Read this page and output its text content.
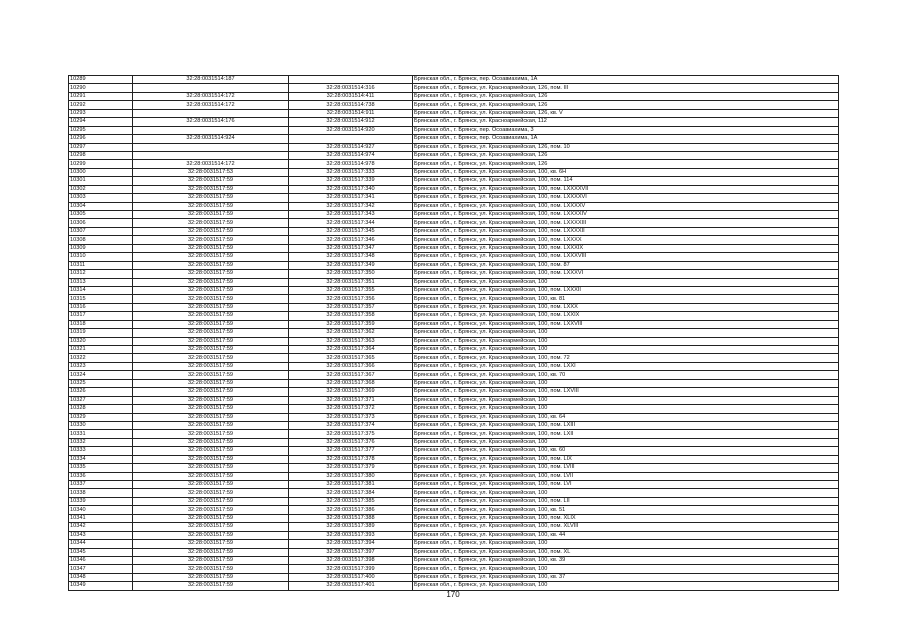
10289	32:28:0031514:187		Брянская обл., г. Брянск, пер. Осоавиахима, 1А
10290		32:28:0031514:316	Брянская обл., г. Брянск, ул. Красноармейская, 126, пом. III
10291	32:28:0031514:172	32:28:0031514:411	Брянская обл., г. Брянск, ул. Красноармейская, 126
10292	32:28:0031514:172	32:28:0031514:738	Брянская обл., г. Брянск, ул. Красноармейская, 126
10293		32:28:0031514:911	Брянская обл., г. Брянск, ул. Красноармейская, 126, кв. V
10294	32:28:0031514:176	32:28:0031514:912	Брянская обл., г. Брянск, ул. Красноармейская, 112
10295		32:28:0031514:920	Брянская обл., г. Брянск, пер. Осоавиахима, 3
10296	32:28:0031514:924		Брянская обл., г. Брянск, пер. Осоавиахима, 1А
10297		32:28:0031514:927	Брянская обл., г. Брянск, ул. Красноармейская, 126, пом. 10
10298		32:28:0031514:974	Брянская обл., г. Брянск, ул. Красноармейская, 126
10299	32:28:0031514:172	32:28:0031514:978	Брянская обл., г. Брянск, ул. Красноармейская, 126
10300	32:28:0031517:53	32:28:0031517:333	Брянская обл., г. Брянск, ул. Красноармейская, 100, кв. 6Н
10301	32:28:0031517:59	32:28:0031517:339	Брянская обл., г. Брянск, ул. Красноармейская, 100, пом. 114
10302	32:28:0031517:59	32:28:0031517:340	Брянская обл., г. Брянск, ул. Красноармейская, 100, пом. LXXXXVII
10303	32:28:0031517:59	32:28:0031517:341	Брянская обл., г. Брянск, ул. Красноармейская, 100, пом. LXXXXVI
10304	32:28:0031517:59	32:28:0031517:342	Брянская обл., г. Брянск, ул. Красноармейская, 100, пом. LXXXXV
10305	32:28:0031517:59	32:28:0031517:343	Брянская обл., г. Брянск, ул. Красноармейская, 100, пом. LXXXXIV
10306	32:28:0031517:59	32:28:0031517:344	Брянская обл., г. Брянск, ул. Красноармейская, 100, пом. LXXXXIII
10307	32:28:0031517:59	32:28:0031517:345	Брянская обл., г. Брянск, ул. Красноармейская, 100, пом. LXXXXII
10308	32:28:0031517:59	32:28:0031517:346	Брянская обл., г. Брянск, ул. Красноармейская, 100, пом. LXXXX
10309	32:28:0031517:59	32:28:0031517:347	Брянская обл., г. Брянск, ул. Красноармейская, 100, пом. LXXXIX
10310	32:28:0031517:59	32:28:0031517:348	Брянская обл., г. Брянск, ул. Красноармейская, 100, пом. LXXXVIII
10311	32:28:0031517:59	32:28:0031517:349	Брянская обл., г. Брянск, ул. Красноармейская, 100, пом. 87
10312	32:28:0031517:59	32:28:0031517:350	Брянская обл., г. Брянск, ул. Красноармейская, 100, пом. LXXXVI
10313	32:28:0031517:59	32:28:0031517:351	Брянская обл., г. Брянск, ул. Красноармейская, 100
10314	32:28:0031517:59	32:28:0031517:355	Брянская обл., г. Брянск, ул. Красноармейская, 100, пом. LXXXII
10315	32:28:0031517:59	32:28:0031517:356	Брянская обл., г. Брянск, ул. Красноармейская, 100, кв. 81
10316	32:28:0031517:59	32:28:0031517:357	Брянская обл., г. Брянск, ул. Красноармейская, 100, пом. LXXX
10317	32:28:0031517:59	32:28:0031517:358	Брянская обл., г. Брянск, ул. Красноармейская, 100, пом. LXXIX
10318	32:28:0031517:59	32:28:0031517:359	Брянская обл., г. Брянск, ул. Красноармейская, 100, пом. LXXVIII
10319	32:28:0031517:59	32:28:0031517:362	Брянская обл., г. Брянск, ул. Красноармейская, 100
10320	32:28:0031517:59	32:28:0031517:363	Брянская обл., г. Брянск, ул. Красноармейская, 100
10321	32:28:0031517:59	32:28:0031517:364	Брянская обл., г. Брянск, ул. Красноармейская, 100
10322	32:28:0031517:59	32:28:0031517:365	Брянская обл., г. Брянск, ул. Красноармейская, 100, пом. 72
10323	32:28:0031517:59	32:28:0031517:366	Брянская обл., г. Брянск, ул. Красноармейская, 100, пом. LXXI
10324	32:28:0031517:59	32:28:0031517:367	Брянская обл., г. Брянск, ул. Красноармейская, 100, кв. 70
10325	32:28:0031517:59	32:28:0031517:368	Брянская обл., г. Брянск, ул. Красноармейская, 100
10326	32:28:0031517:59	32:28:0031517:369	Брянская обл., г. Брянск, ул. Красноармейская, 100, пом. LXVIII
10327	32:28:0031517:59	32:28:0031517:371	Брянская обл., г. Брянск, ул. Красноармейская, 100
10328	32:28:0031517:59	32:28:0031517:372	Брянская обл., г. Брянск, ул. Красноармейская, 100
10329	32:28:0031517:59	32:28:0031517:373	Брянская обл., г. Брянск, ул. Красноармейская, 100, кв. 64
10330	32:28:0031517:59	32:28:0031517:374	Брянская обл., г. Брянск, ул. Красноармейская, 100, пом. LXIII
10331	32:28:0031517:59	32:28:0031517:375	Брянская обл., г. Брянск, ул. Красноармейская, 100, пом. LXII
10332	32:28:0031517:59	32:28:0031517:376	Брянская обл., г. Брянск, ул. Красноармейская, 100
10333	32:28:0031517:59	32:28:0031517:377	Брянская обл., г. Брянск, ул. Красноармейская, 100, кв. 60
10334	32:28:0031517:59	32:28:0031517:378	Брянская обл., г. Брянск, ул. Красноармейская, 100, пом. LIX
10335	32:28:0031517:59	32:28:0031517:379	Брянская обл., г. Брянск, ул. Красноармейская, 100, пом. LVIII
10336	32:28:0031517:59	32:28:0031517:380	Брянская обл., г. Брянск, ул. Красноармейская, 100, пом. LVII
10337	32:28:0031517:59	32:28:0031517:381	Брянская обл., г. Брянск, ул. Красноармейская, 100, пом. LVI
10338	32:28:0031517:59	32:28:0031517:384	Брянская обл., г. Брянск, ул. Красноармейская, 100
10339	32:28:0031517:59	32:28:0031517:385	Брянская обл., г. Брянск, ул. Красноармейская, 100, пом. LII
10340	32:28:0031517:59	32:28:0031517:386	Брянская обл., г. Брянск, ул. Красноармейская, 100, кв. 51
10341	32:28:0031517:59	32:28:0031517:388	Брянская обл., г. Брянск, ул. Красноармейская, 100, пом. XLIX
10342	32:28:0031517:59	32:28:0031517:389	Брянская обл., г. Брянск, ул. Красноармейская, 100, пом. XLVIII
10343	32:28:0031517:59	32:28:0031517:393	Брянская обл., г. Брянск, ул. Красноармейская, 100, кв. 44
10344	32:28:0031517:59	32:28:0031517:394	Брянская обл., г. Брянск, ул. Красноармейская, 100
10345	32:28:0031517:59	32:28:0031517:397	Брянская обл., г. Брянск, ул. Красноармейская, 100, пом. XL
10346	32:28:0031517:59	32:28:0031517:398	Брянская обл., г. Брянск, ул. Красноармейская, 100, кв. 39
10347	32:28:0031517:59	32:28:0031517:399	Брянская обл., г. Брянск, ул. Красноармейская, 100
10348	32:28:0031517:59	32:28:0031517:400	Брянская обл., г. Брянск, ул. Красноармейская, 100, кв. 37
10349	32:28:0031517:59	32:28:0031517:401	Брянская обл., г. Брянск, ул. Красноармейская, 100
170
